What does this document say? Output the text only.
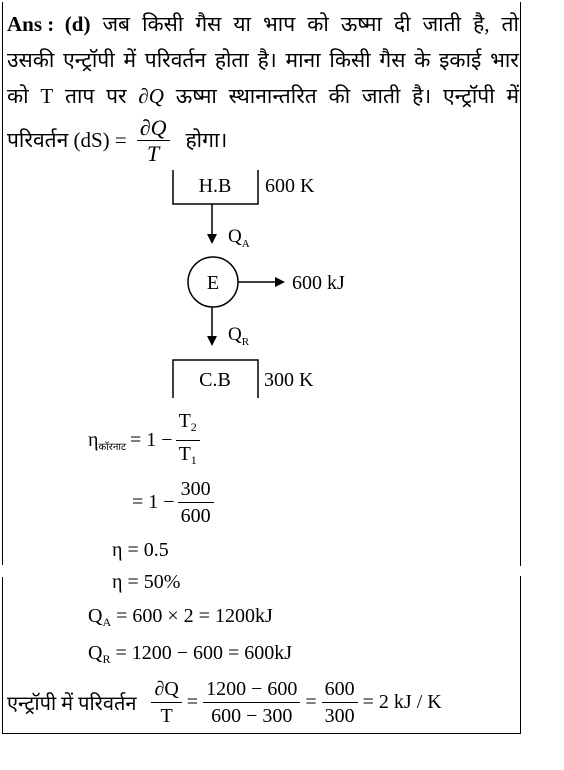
Ans : (d) जब किसी गैस या भाप को ऊष्मा दी जाती है, तो
उसकी एन्ट्रॉपी में परिवर्तन होता है। माना किसी गैस के इकाई भार
को T ताप पर ∂Q ऊष्मा स्थानान्तरित की जाती है। एन्ट्रॉपी में
परिवर्तन $(dS) = \frac{\partial Q}{T}$ होगा।
H.B 600 K
$Q_A$
E	600 kJ
$Q_R$
C.B 300 K
$\eta_{कॉरनाट} = 1 - \frac{T_2}{T_1}$
= $1 - \frac{300}{600}$
η = 0.5
η = 50%
$Q_A = 600 \times 2 = 1200kJ$
$Q_R = 1200 - 600 = 600kJ$
एन्ट्रॉपी में परिवर्तन $\frac{\partial Q}{T} = \frac{1200 - 600}{600 - 300} = \frac{600}{300} = 2$ kJ / K
